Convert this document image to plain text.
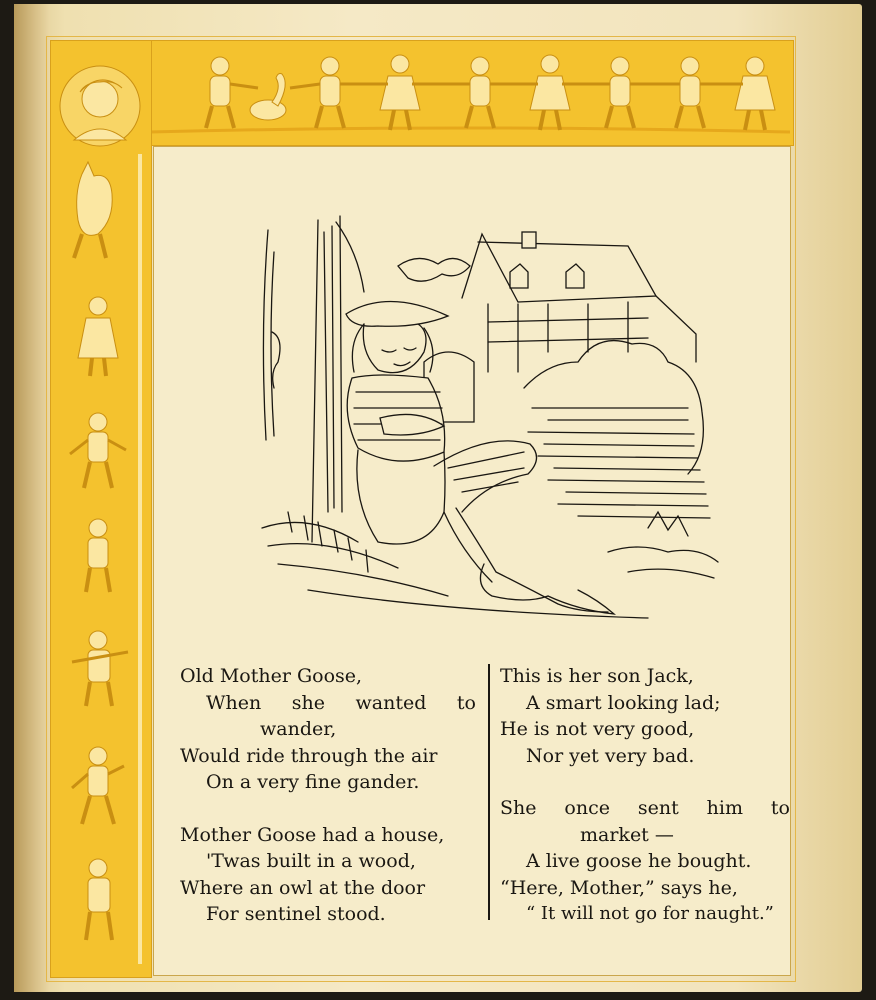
Old Mother Goose,
When she wanted to
wander,
Would ride through the air
On a very fine gander.
Mother Goose had a house,
'Twas built in a wood,
Where an owl at the door
For sentinel stood.
This is her son Jack,
A smart looking lad;
He is not very good,
Nor yet very bad.
She once sent him to
market —
A live goose he bought.
“Here, Mother,” says he,
“ It will not go for naught.”
